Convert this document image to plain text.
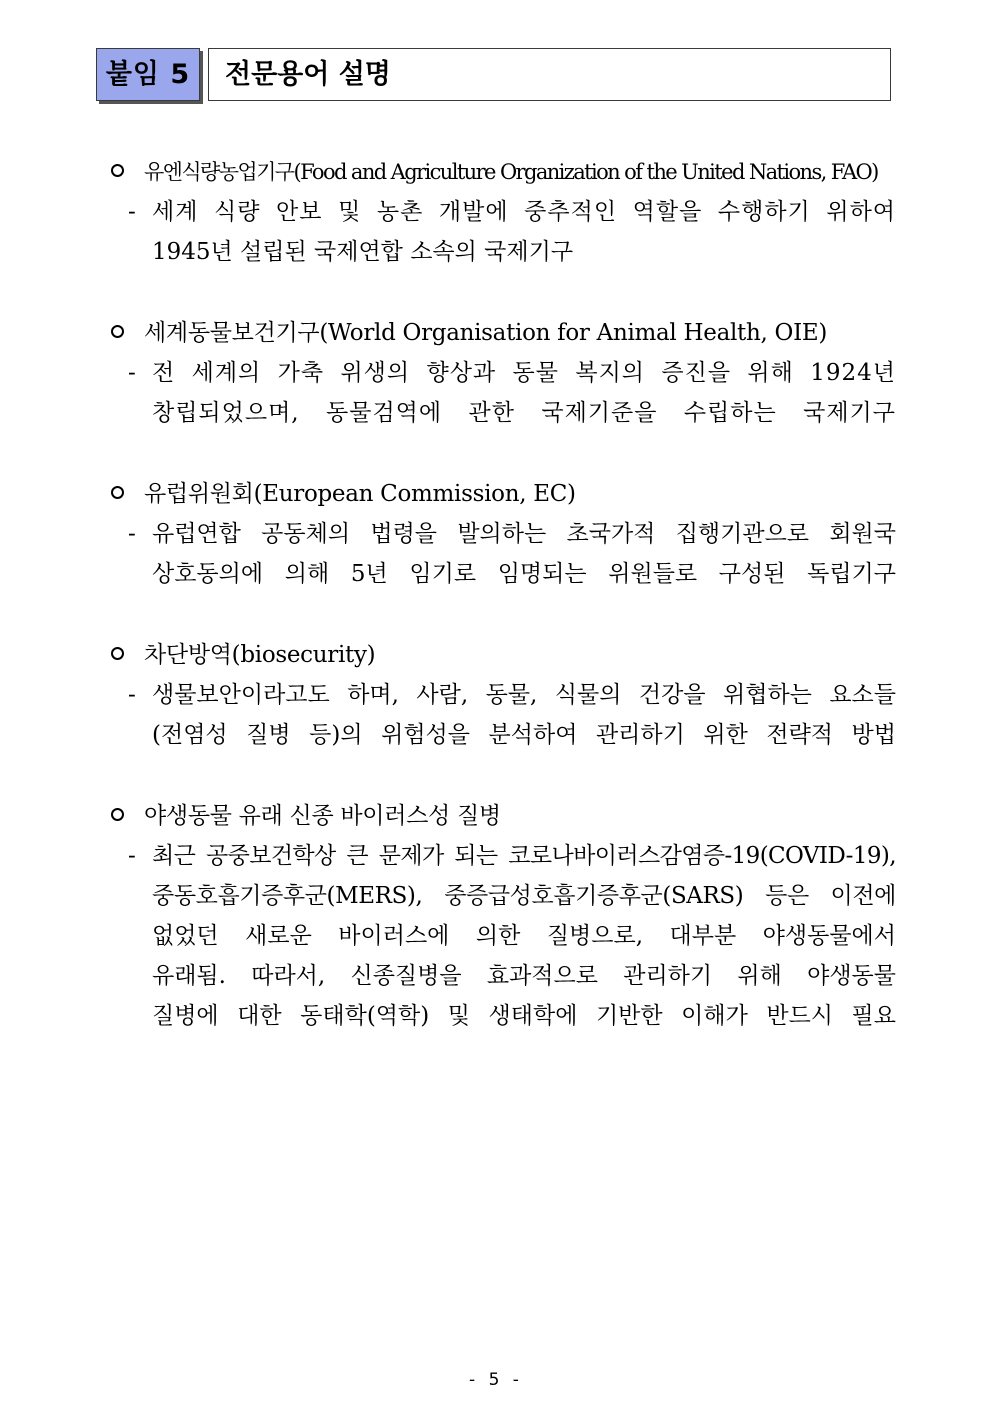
붙임 5	전문용어 설명
유엔식량농업기구(Food and Agriculture Organization of the United Nations, FAO)
- 세계 식량 안보 및 농촌 개발에 중추적인 역할을 수행하기 위하여
1945년 설립된 국제연합 소속의 국제기구
세계동물보건기구(World Organisation for Animal Health, OIE)
- 전 세계의 가축 위생의 향상과 동물 복지의 증진을 위해 1924년
창립되었으며, 동물검역에 관한 국제기준을 수립하는 국제기구
유럽위원회(European Commission, EC)
- 유럽연합 공동체의 법령을 발의하는 초국가적 집행기관으로 회원국
상호동의에 의해 5년 임기로 임명되는 위원들로 구성된 독립기구
차단방역(biosecurity)
- 생물보안이라고도 하며, 사람, 동물, 식물의 건강을 위협하는 요소들
(전염성 질병 등)의 위험성을 분석하여 관리하기 위한 전략적 방법
야생동물 유래 신종 바이러스성 질병
- 최근 공중보건학상 큰 문제가 되는 코로나바이러스감염증-19(COVID-19),
중동호흡기증후군(MERS), 중증급성호흡기증후군(SARS) 등은 이전에
없었던 새로운 바이러스에 의한 질병으로, 대부분 야생동물에서
유래됨. 따라서, 신종질병을 효과적으로 관리하기 위해 야생동물
질병에 대한 동태학(역학) 및 생태학에 기반한 이해가 반드시 필요
- 5 -
